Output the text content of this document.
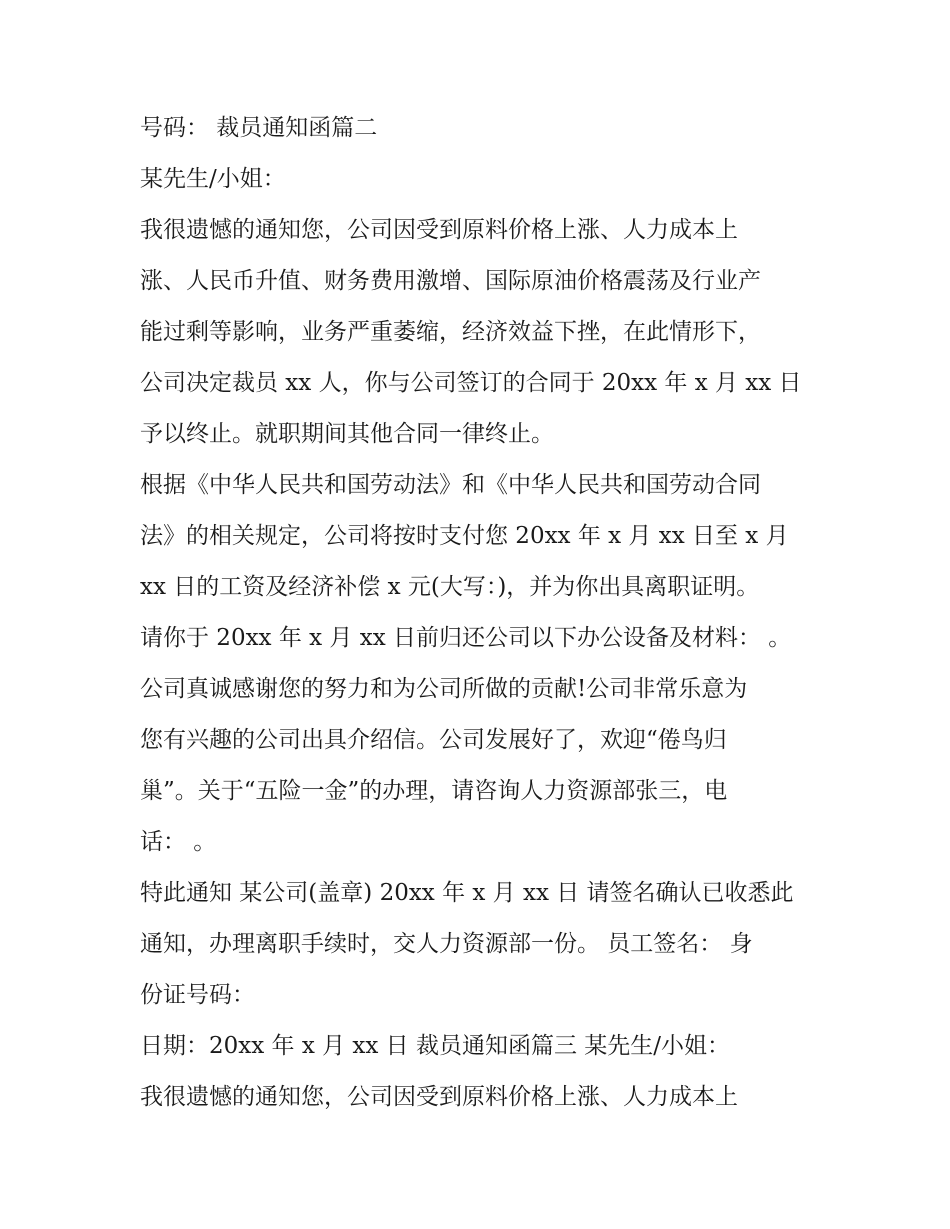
号码： 裁员通知函篇二
某先生/小姐：
我很遗憾的通知您，公司因受到原料价格上涨、人力成本上
涨、人民币升值、财务费用激增、国际原油价格震荡及行业产
能过剩等影响，业务严重萎缩，经济效益下挫，在此情形下，
公司决定裁员 xx 人，你与公司签订的合同于 20xx 年 x 月 xx 日
予以终止。就职期间其他合同一律终止。
根据《中华人民共和国劳动法》和《中华人民共和国劳动合同
法》的相关规定，公司将按时支付您 20xx 年 x 月 xx 日至 x 月
xx 日的工资及经济补偿 x 元(大写：)，并为你出具离职证明。
请你于 20xx 年 x 月 xx 日前归还公司以下办公设备及材料： 。
公司真诚感谢您的努力和为公司所做的贡献!公司非常乐意为
您有兴趣的公司出具介绍信。公司发展好了，欢迎“倦鸟归
巢”。关于“五险一金”的办理，请咨询人力资源部张三，电
话： 。
特此通知 某公司(盖章) 20xx 年 x 月 xx 日 请签名确认已收悉此
通知，办理离职手续时，交人力资源部一份。 员工签名： 身
份证号码：
日期：20xx 年 x 月 xx 日 裁员通知函篇三 某先生/小姐：
我很遗憾的通知您，公司因受到原料价格上涨、人力成本上
